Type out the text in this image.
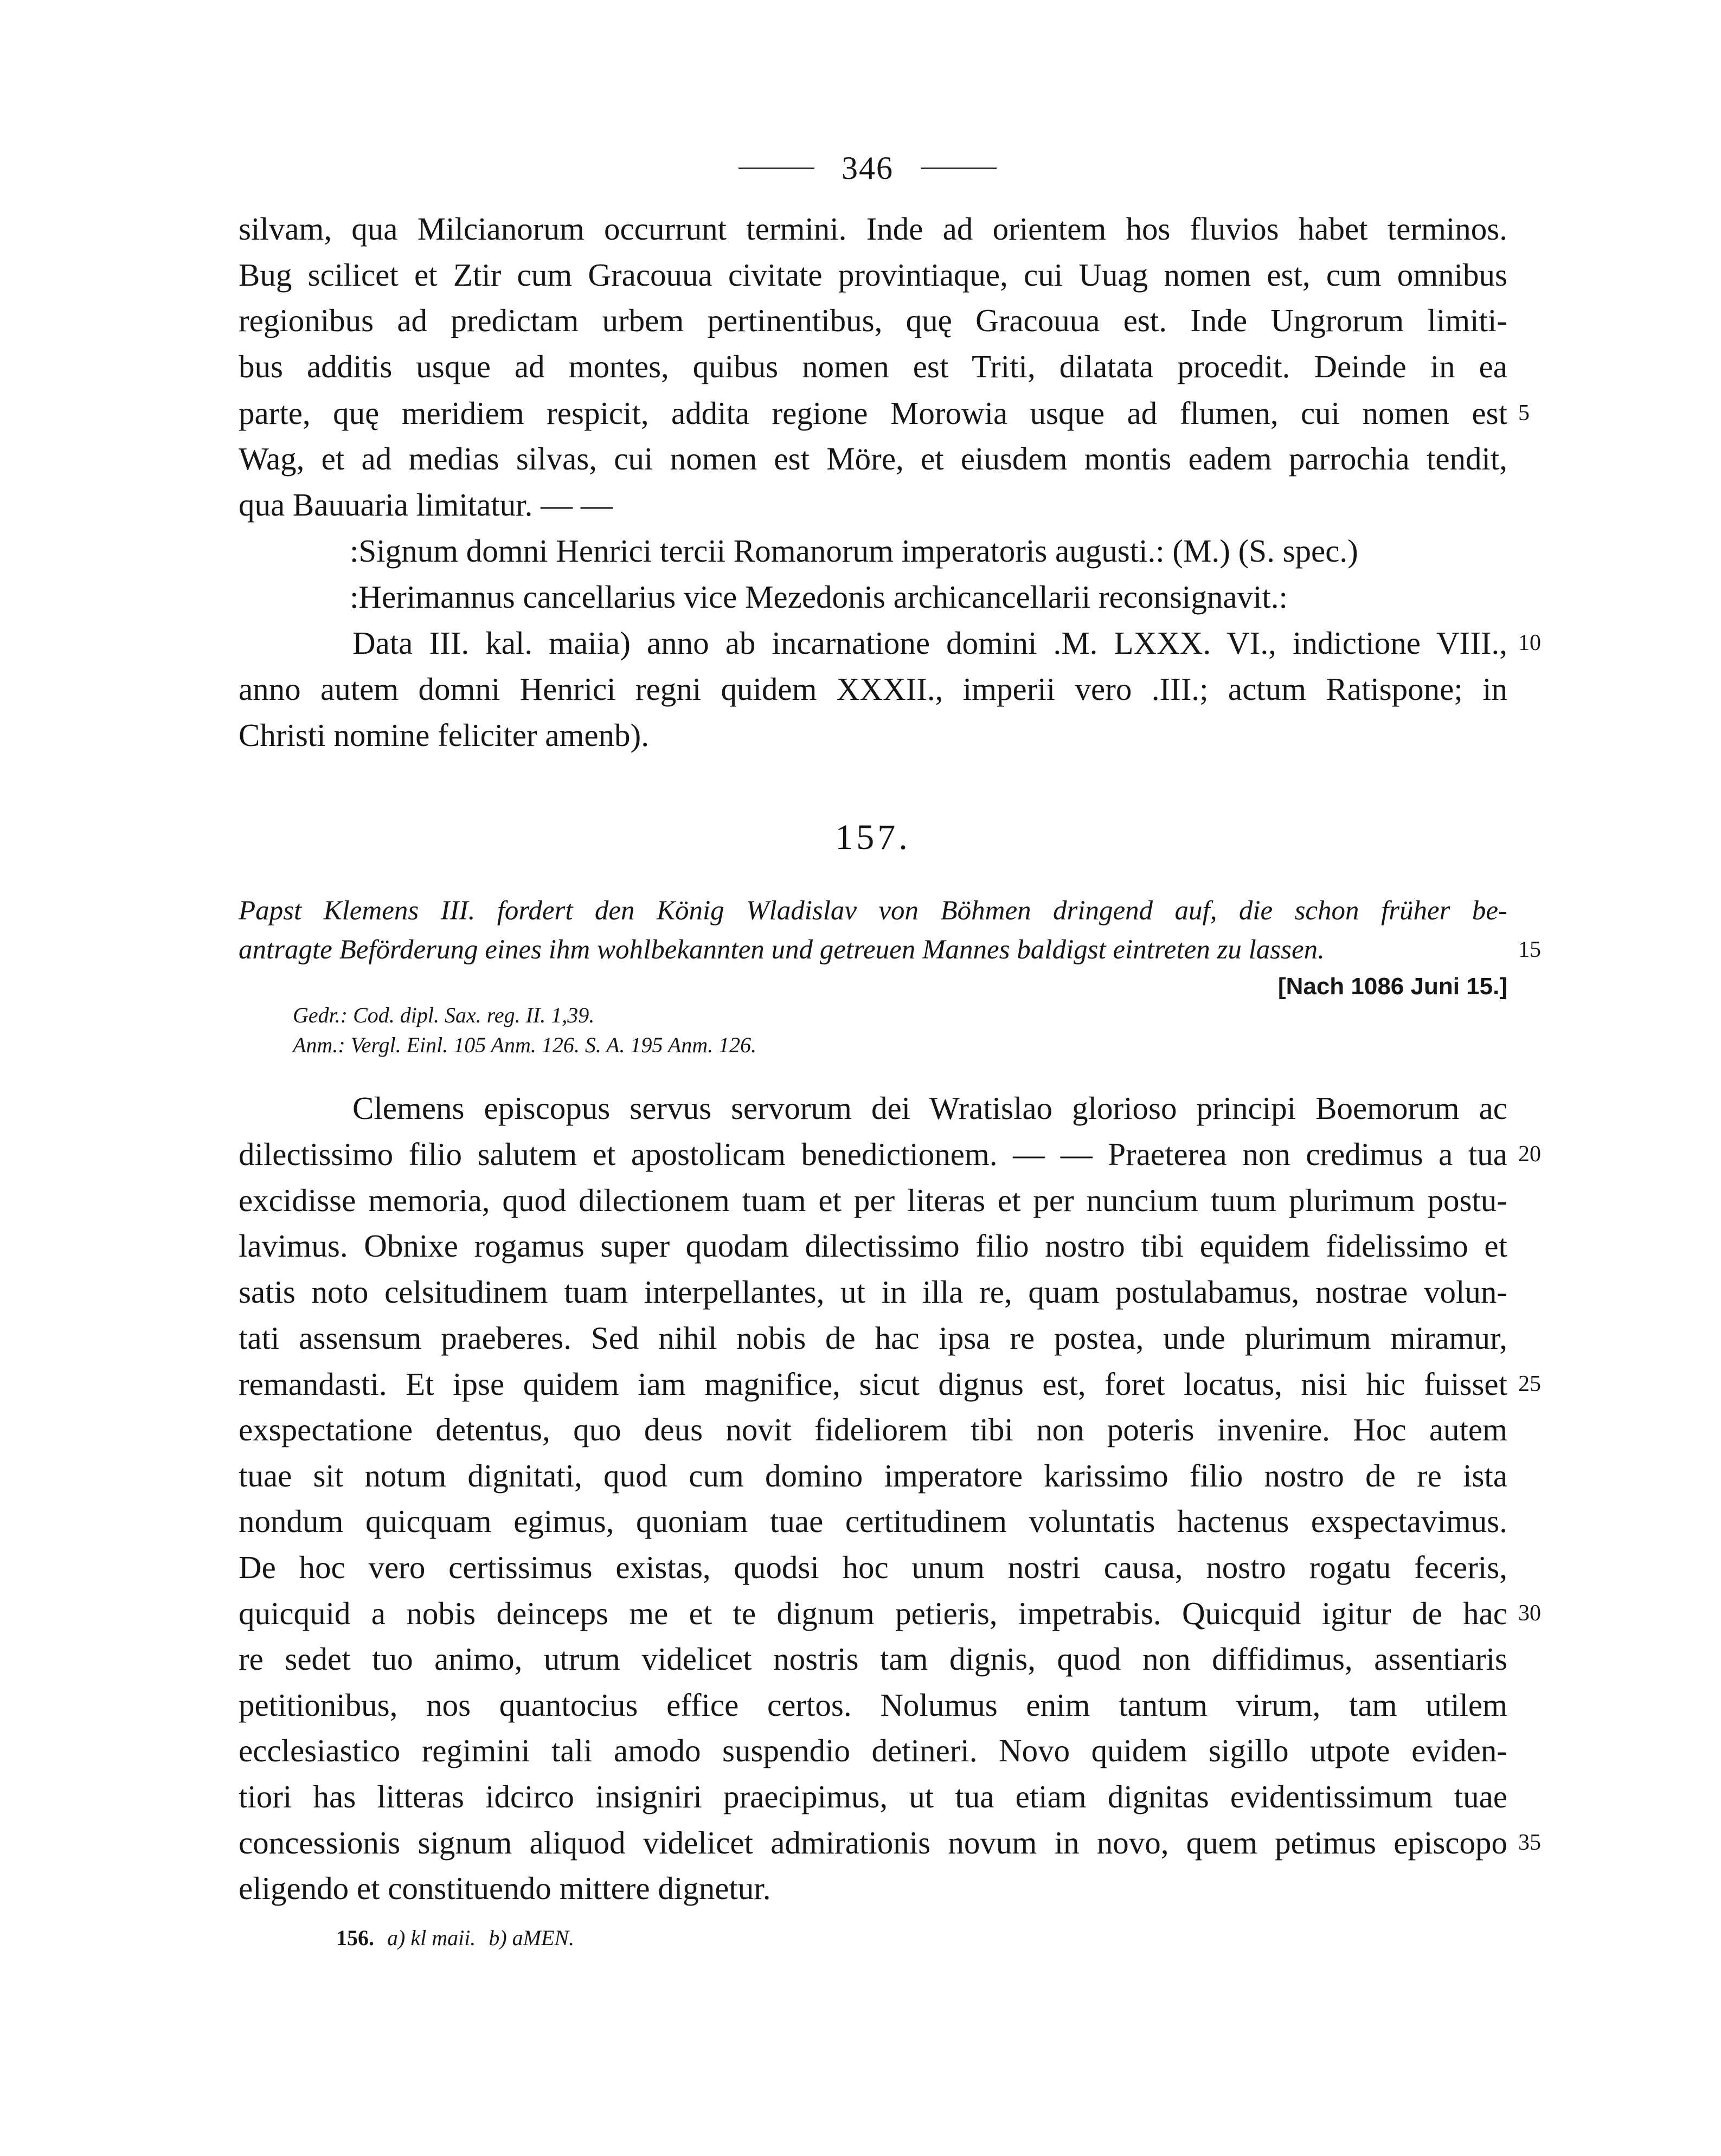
346
silvam, qua Milcianorum occurrunt termini. Inde ad orientem hos fluvios habet terminos.
Bug scilicet et Ztir cum Gracouua civitate provintiaque, cui Uuag nomen est, cum omnibus
regionibus ad predictam urbem pertinentibus, quę Gracouua est. Inde Ungrorum limiti-
bus additis usque ad montes, quibus nomen est Triti, dilatata procedit. Deinde in ea
parte, quę meridiem respicit, addita regione Morowia usque ad flumen, cui nomen est 5
Wag, et ad medias silvas, cui nomen est Möre, et eiusdem montis eadem parrochia tendit,
qua Bauuaria limitatur. — —
:Signum domni Henrici tercii Romanorum imperatoris augusti.: (M.) (S. spec.)
:Herimannus cancellarius vice Mezedonis archicancellarii reconsignavit.:
Data III. kal. maiia) anno ab incarnatione domini .M. LXXX. VI., indictione VIII., 10
anno autem domni Henrici regni quidem XXXII., imperii vero .III.; actum Ratispone; in
Christi nomine feliciter amenb).
157.
Papst Klemens III. fordert den König Wladislav von Böhmen dringend auf, die schon früher be-
antragte Beförderung eines ihm wohlbekannten und getreuen Mannes baldigst eintreten zu lassen.	15
[Nach 1086 Juni 15.]
Gedr.: Cod. dipl. Sax. reg. II. 1,39.
Anm.: Vergl. Einl. 105 Anm. 126. S. A. 195 Anm. 126.
Clemens episcopus servus servorum dei Wratislao glorioso principi Boemorum ac
dilectissimo filio salutem et apostolicam benedictionem. — — Praeterea non credimus a tua 20
excidisse memoria, quod dilectionem tuam et per literas et per nuncium tuum plurimum postu-
lavimus. Obnixe rogamus super quodam dilectissimo filio nostro tibi equidem fidelissimo et
satis noto celsitudinem tuam interpellantes, ut in illa re, quam postulabamus, nostrae volun-
tati assensum praeberes. Sed nihil nobis de hac ipsa re postea, unde plurimum miramur,
remandasti. Et ipse quidem iam magnifice, sicut dignus est, foret locatus, nisi hic fuisset 25
exspectatione detentus, quo deus novit fideliorem tibi non poteris invenire. Hoc autem
tuae sit notum dignitati, quod cum domino imperatore karissimo filio nostro de re ista
nondum quicquam egimus, quoniam tuae certitudinem voluntatis hactenus exspectavimus.
De hoc vero certissimus existas, quodsi hoc unum nostri causa, nostro rogatu feceris,
quicquid a nobis deinceps me et te dignum petieris, impetrabis. Quicquid igitur de hac 30
re sedet tuo animo, utrum videlicet nostris tam dignis, quod non diffidimus, assentiaris
petitionibus, nos quantocius effice certos. Nolumus enim tantum virum, tam utilem
ecclesiastico regimini tali amodo suspendio detineri. Novo quidem sigillo utpote eviden-
tiori has litteras idcirco insigniri praecipimus, ut tua etiam dignitas evidentissimum tuae
concessionis signum aliquod videlicet admirationis novum in novo, quem petimus episcopo 35
eligendo et constituendo mittere dignetur.
156. a) kl maii. b) aMEN.
